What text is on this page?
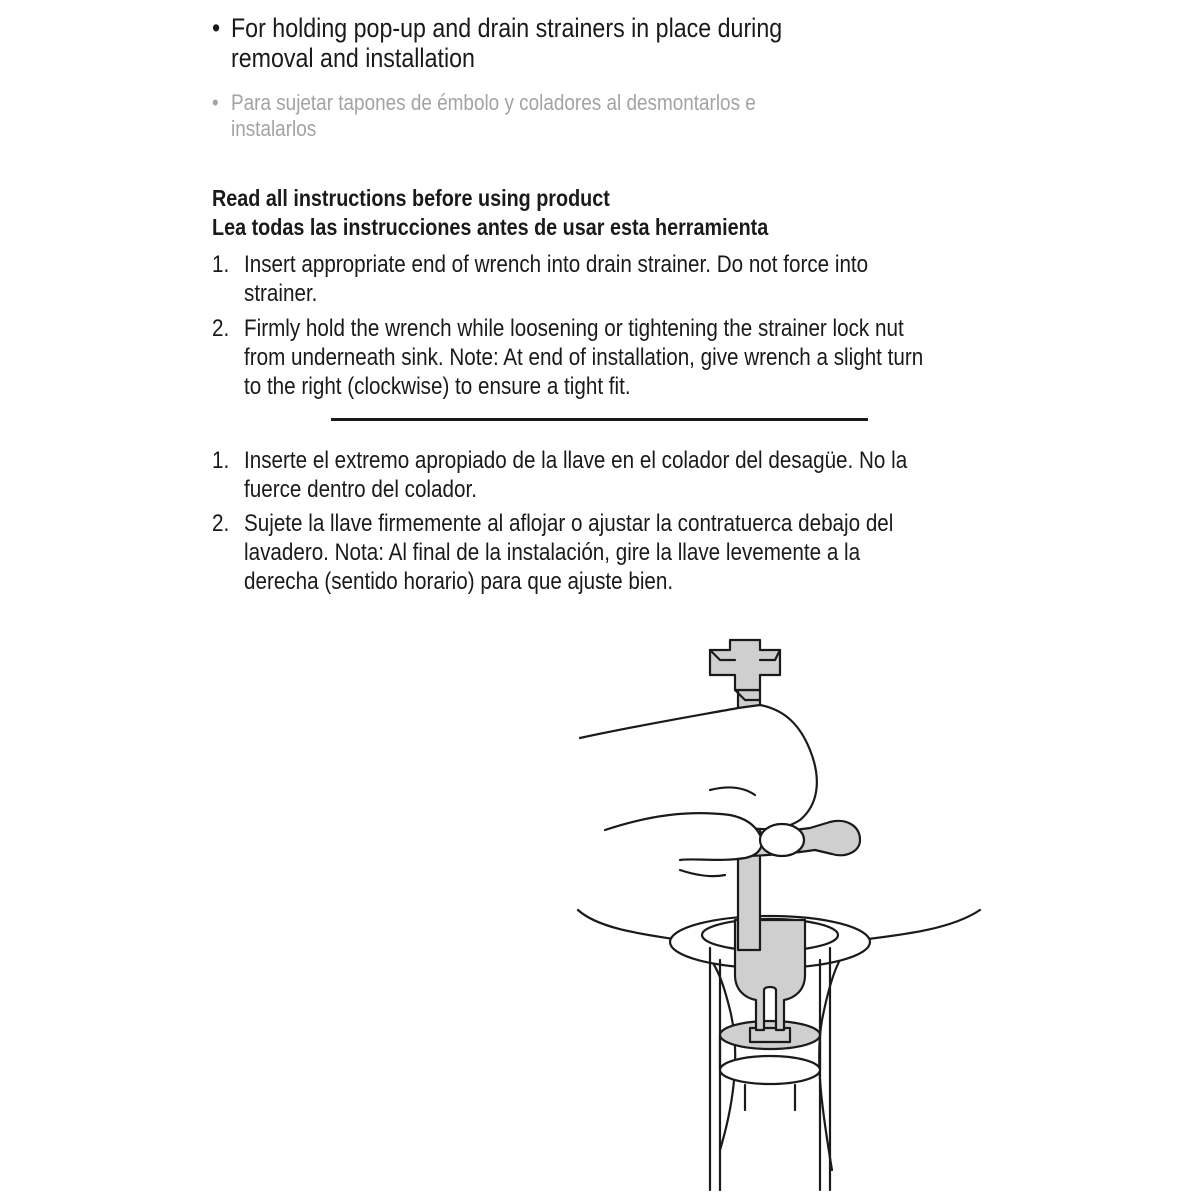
• For holding pop-up and drain strainers in place during
removal and installation
• Para sujetar tapones de émbolo y coladores al desmontarlos e
instalarlos
Read all instructions before using product
Lea todas las instrucciones antes de usar esta herramienta
1. Insert appropriate end of wrench into drain strainer. Do not force into
strainer.
2. Firmly hold the wrench while loosening or tightening the strainer lock nut
from underneath sink. Note: At end of installation, give wrench a slight turn
to the right (clockwise) to ensure a tight fit.
1. Inserte el extremo apropiado de la llave en el colador del desagüe. No la
fuerce dentro del colador.
2. Sujete la llave firmemente al aflojar o ajustar la contratuerca debajo del
lavadero. Nota: Al final de la instalación, gire la llave levemente a la
derecha (sentido horario) para que ajuste bien.
